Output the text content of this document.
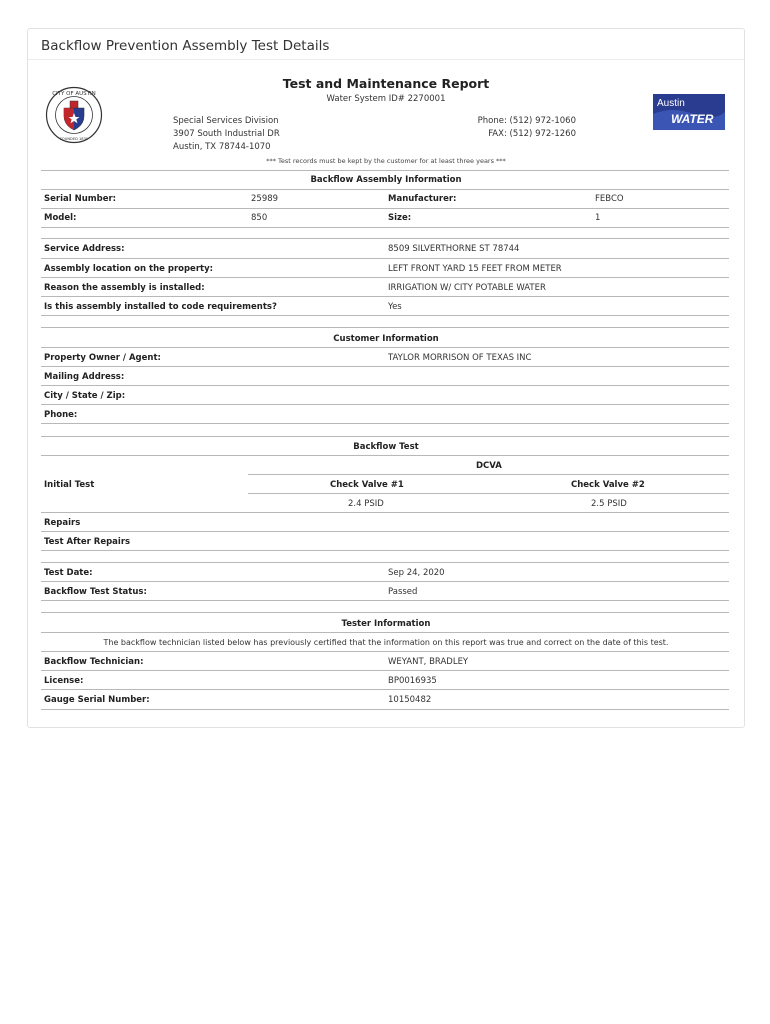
Backflow Prevention Assembly Test Details
CITY OF AUSTIN
FOUNDED 1839
Austin
WATER
Test and Maintenance Report
Water System ID# 2270001
Special Services Division
3907 South Industrial DR
Austin, TX 78744-1070
Phone: (512) 972-1060
FAX: (512) 972-1260
*** Test records must be kept by the customer for at least three years ***
Backflow Assembly Information
Serial Number:	25989	Manufacturer:	FEBCO
Model:	850	Size:	1
Service Address:	8509 SILVERTHORNE ST 78744
Assembly location on the property:	LEFT FRONT YARD 15 FEET FROM METER
Reason the assembly is installed:	IRRIGATION W/ CITY POTABLE WATER
Is this assembly installed to code requirements?	Yes
Customer Information
Property Owner / Agent:	TAYLOR MORRISON OF TEXAS INC
Mailing Address:
City / State / Zip:
Phone:
Backflow Test
DCVA
Initial Test	Check Valve #1	Check Valve #2
2.4 PSID	2.5 PSID
Repairs
Test After Repairs
Test Date:	Sep 24, 2020
Backflow Test Status:	Passed
Tester Information
The backflow technician listed below has previously certified that the information on this report was true and correct on the date of this test.
Backflow Technician:	WEYANT, BRADLEY
License:	BP0016935
Gauge Serial Number:	10150482
